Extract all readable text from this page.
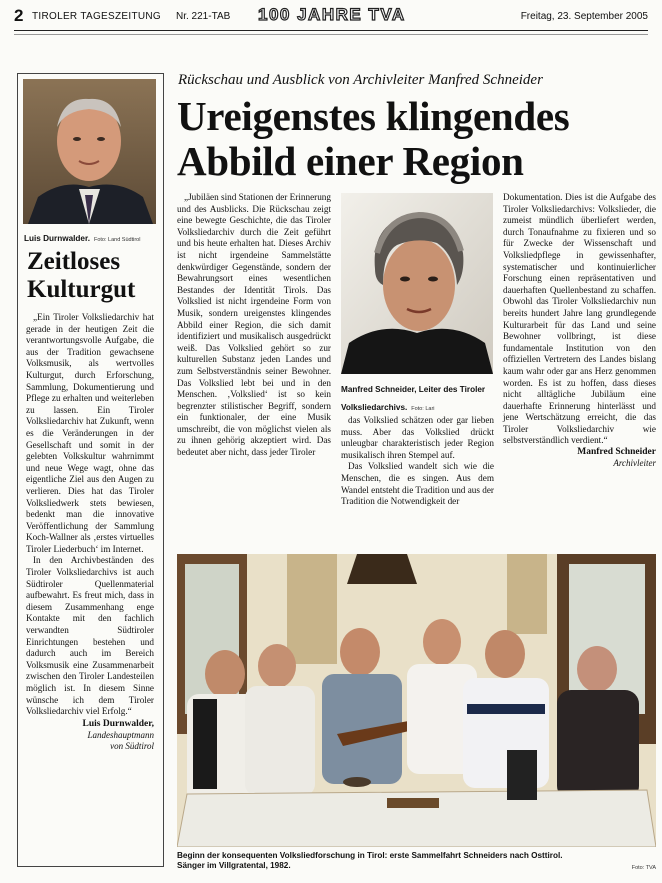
2 TIROLER TAGESZEITUNG Nr. 221-TAB 100 JAHRE TVA	Freitag, 23. September 2005
Luis Durnwalder. Foto: Land Südtirol
Zeitloses
Kulturgut

„Ein Tiroler Volksliedarchiv hat gerade in der heutigen Zeit die verantwortungsvolle Aufgabe, die aus der Tradition gewachsene Volksmusik, als wertvolles Kulturgut, durch Erforschung, Sammlung, Dokumentierung und Pflege zu erhalten und weiterleben zu lassen. Ein Tiroler Volksliedarchiv hat Zukunft, wenn es die Veränderungen in der Gesellschaft und somit in der gelebten Volkskultur wahrnimmt und neue Wege wagt, ohne das eigentliche Ziel aus den Augen zu verlieren. Dies hat das Tiroler Volksliedwerk stets bewiesen, bedenkt man die innovative Veröffentlichung der Sammlung Koch-Wallner als ‚erstes virtuelles Tiroler Liederbuch‘ im Internet.

In den Archivbeständen des Tiroler Volksliedarchivs ist auch Südtiroler Quellenmaterial aufbewahrt. Es freut mich, dass in diesem Zusammenhang enge Kontakte mit den fachlich verwandten Südtiroler Einrichtungen bestehen und dadurch auch im Bereich Volksmusik eine Zusammenarbeit zwischen den Tiroler Landesteilen möglich ist. In diesem Sinne wünsche ich dem Tiroler Volksliedarchiv viel Erfolg.“

Luis Durnwalder,
Landeshauptmann
von Südtirol
Rückschau und Ausblick von Archivleiter Manfred Schneider
Ureigenstes klingendes
Abbild einer Region

„Jubiläen sind Stationen der Erinnerung und des Ausblicks. Die Rückschau zeigt eine bewegte Geschichte, die das Tiroler Volksliedarchiv durch die Zeit geführt und bis heute erhalten hat. Dieses Archiv ist nicht irgendeine Sammelstätte denkwürdiger Gegenstände, sondern der Bewahrungsort eines wesentlichen Bestandes der Identität Tirols. Das Volkslied ist nicht irgendeine Form von Musik, sondern ureigenstes klingendes Abbild einer Region, die sich damit identifiziert und musikalisch ausgedrückt weiß. Das Volkslied gehört so zur kulturellen Substanz jeden Landes und zum Selbstverständnis seiner Bewohner. Das Volkslied lebt bei und in den Menschen. ‚Volkslied‘ ist so kein begrenzter stilistischer Begriff, sondern ein funktionaler, der eine Musik umschreibt, die von möglichst vielen als zu ihnen gehörig akzeptiert wird. Das bedeutet aber nicht, dass jeder Tiroler

Manfred Schneider, Leiter des Tiroler Volksliedarchivs. Foto: Lari

das Volkslied schätzen oder gar lieben muss. Aber das Volkslied drückt unleugbar charakteristisch jeder Region musikalisch ihren Stempel auf.

Das Volkslied wandelt sich wie die Menschen, die es singen. Aus dem Wandel entsteht die Tradition und aus der Tradition die Notwendigkeit der

Dokumentation. Dies ist die Aufgabe des Tiroler Volksliedarchivs: Volkslieder, die zumeist mündlich überliefert werden, durch Tonaufnahme zu fixieren und so für Zwecke der Wissenschaft und Volksliedpflege in gewissenhafter, systematischer und kontinuierlicher Forschung einen repräsentativen und dauerhaften Quellenbestand zu schaffen. Obwohl das Tiroler Volksliedarchiv nun bereits hundert Jahre lang grundlegende Kulturarbeit für das Land und seine Bewohner vollbringt, ist diese fundamentale Institution von den offiziellen Vertretern des Landes bislang kaum wahr oder gar ans Herz genommen worden. Es ist zu hoffen, dass dieses nicht alltägliche Jubiläum eine dauerhafte Erinnerung hinterlässt und jene Wertschätzung erreicht, die das Tiroler Volksliedarchiv wie selbstverständlich verdient.“

Manfred Schneider
Archivleiter
Beginn der konsequenten Volksliedforschung in Tirol: erste Sammelfahrt Schneiders nach Osttirol.
Sänger im Villgratental, 1982.	Foto: TVA
